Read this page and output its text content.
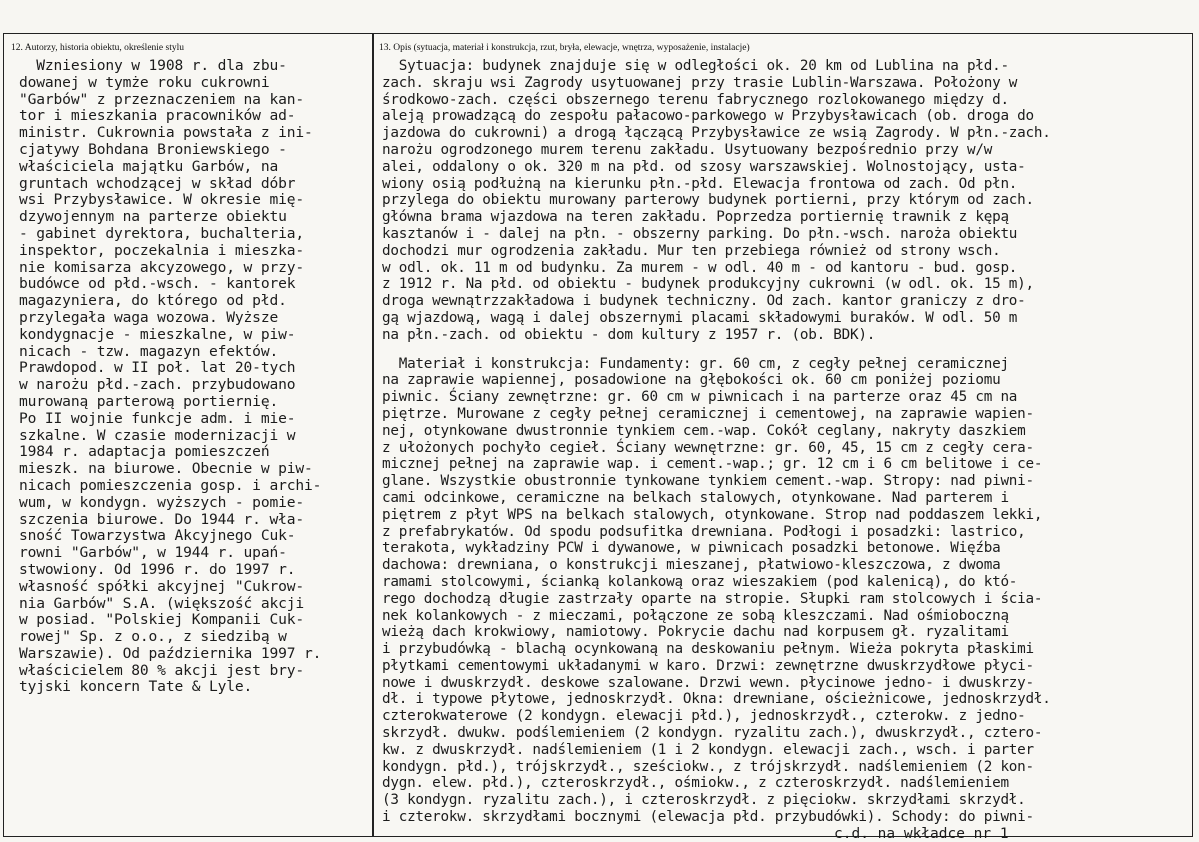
12. Autorzy, historia obiektu, określenie stylu	13. Opis (sytuacja, materiał i konstrukcja, rzut, bryła, elewacje, wnętrza, wyposażenie, instalacje)
Wzniesiony w 1908 r. dla zbu-
dowanej w tymże roku cukrowni
"Garbów" z przeznaczeniem na kan-
tor i mieszkania pracowników ad-
ministr. Cukrownia powstała z ini-
cjatywy Bohdana Broniewskiego -
właściciela majątku Garbów, na
gruntach wchodzącej w skład dóbr
wsi Przybysławice. W okresie mię-
dzywojennym na parterze obiektu
- gabinet dyrektora, buchalteria,
inspektor, poczekalnia i mieszka-
nie komisarza akcyzowego, w przy-
budówce od płd.-wsch. - kantorek
magazyniera, do którego od płd.
przylegała waga wozowa. Wyższe
kondygnacje - mieszkalne, w piw-
nicach - tzw. magazyn efektów.
Prawdopod. w II poł. lat 20-tych
w narożu płd.-zach. przybudowano
murowaną parterową portiernię.
Po II wojnie funkcje adm. i mie-
szkalne. W czasie modernizacji w
1984 r. adaptacja pomieszczeń
mieszk. na biurowe. Obecnie w piw-
nicach pomieszczenia gosp. i archi-
wum, w kondygn. wyższych - pomie-
szczenia biurowe. Do 1944 r. wła-
sność Towarzystwa Akcyjnego Cuk-
rowni "Garbów", w 1944 r. upań-
stwowiony. Od 1996 r. do 1997 r.
własność spółki akcyjnej "Cukrow-
nia Garbów" S.A. (większość akcji
w posiad. "Polskiej Kompanii Cuk-
rowej" Sp. z o.o., z siedzibą w
Warszawie). Od października 1997 r.
właścicielem 80 % akcji jest bry-
tyjski koncern Tate & Lyle.
Sytuacja: budynek znajduje się w odległości ok. 20 km od Lublina na płd.-
zach. skraju wsi Zagrody usytuowanej przy trasie Lublin-Warszawa. Położony w
środkowo-zach. części obszernego terenu fabrycznego rozlokowanego między d.
aleją prowadzącą do zespołu pałacowo-parkowego w Przybysławicach (ob. droga do
jazdowa do cukrowni) a drogą łączącą Przybysławice ze wsią Zagrody. W płn.-zach.
narożu ogrodzonego murem terenu zakładu. Usytuowany bezpośrednio przy w/w
alei, oddalony o ok. 320 m na płd. od szosy warszawskiej. Wolnostojący, usta-
wiony osią podłużną na kierunku płn.-płd. Elewacja frontowa od zach. Od płn.
przylega do obiektu murowany parterowy budynek portierni, przy którym od zach.
główna brama wjazdowa na teren zakładu. Poprzedza portiernię trawnik z kępą
kasztanów i - dalej na płn. - obszerny parking. Do płn.-wsch. naroża obiektu
dochodzi mur ogrodzenia zakładu. Mur ten przebiega również od strony wsch.
w odl. ok. 11 m od budynku. Za murem - w odl. 40 m - od kantoru - bud. gosp.
z 1912 r. Na płd. od obiektu - budynek produkcyjny cukrowni (w odl. ok. 15 m),
droga wewnątrzzakładowa i budynek techniczny. Od zach. kantor graniczy z dro-
gą wjazdową, wagą i dalej obszernymi placami składowymi buraków. W odl. 50 m
na płn.-zach. od obiektu - dom kultury z 1957 r. (ob. BDK).
Materiał i konstrukcja: Fundamenty: gr. 60 cm, z cegły pełnej ceramicznej
na zaprawie wapiennej, posadowione na głębokości ok. 60 cm poniżej poziomu
piwnic. Ściany zewnętrzne: gr. 60 cm w piwnicach i na parterze oraz 45 cm na
piętrze. Murowane z cegły pełnej ceramicznej i cementowej, na zaprawie wapien-
nej, otynkowane dwustronnie tynkiem cem.-wap. Cokół ceglany, nakryty daszkiem
z ułożonych pochyło cegieł. Ściany wewnętrzne: gr. 60, 45, 15 cm z cegły cera-
micznej pełnej na zaprawie wap. i cement.-wap.; gr. 12 cm i 6 cm belitowe i ce-
glane. Wszystkie obustronnie tynkowane tynkiem cement.-wap. Stropy: nad piwni-
cami odcinkowe, ceramiczne na belkach stalowych, otynkowane. Nad parterem i
piętrem z płyt WPS na belkach stalowych, otynkowane. Strop nad poddaszem lekki,
z prefabrykatów. Od spodu podsufitka drewniana. Podłogi i posadzki: lastrico,
terakota, wykładziny PCW i dywanowe, w piwnicach posadzki betonowe. Więźba
dachowa: drewniana, o konstrukcji mieszanej, płatwiowo-kleszczowa, z dwoma
ramami stolcowymi, ścianką kolankową oraz wieszakiem (pod kalenicą), do któ-
rego dochodzą długie zastrzały oparte na stropie. Słupki ram stolcowych i ścia-
nek kolankowych - z mieczami, połączone ze sobą kleszczami. Nad ośmioboczną
wieżą dach krokwiowy, namiotowy. Pokrycie dachu nad korpusem gł. ryzalitami
i przybudówką - blachą ocynkowaną na deskowaniu pełnym. Wieża pokryta płaskimi
płytkami cementowymi układanymi w karo. Drzwi: zewnętrzne dwuskrzydłowe płyci-
nowe i dwuskrzydł. deskowe szalowane. Drzwi wewn. płycinowe jedno- i dwuskrzy-
dł. i typowe płytowe, jednoskrzydł. Okna: drewniane, ościeżnicowe, jednoskrzydł.
czterokwaterowe (2 kondygn. elewacji płd.), jednoskrzydł., czterokw. z jedno-
skrzydł. dwukw. podślemieniem (2 kondygn. ryzalitu zach.), dwuskrzydł., cztero-
kw. z dwuskrzydł. nadślemieniem (1 i 2 kondygn. elewacji zach., wsch. i parter
kondygn. płd.), trójskrzydł., sześciokw., z trójskrzydł. nadślemieniem (2 kon-
dygn. elew. płd.), czteroskrzydł., ośmiokw., z czteroskrzydł. nadślemieniem
(3 kondygn. ryzalitu zach.), i czteroskrzydł. z pięciokw. skrzydłami skrzydł.
i czterokw. skrzydłami bocznymi (elewacja płd. przybudówki). Schody: do piwni-
c.d. na wkładce nr 1
